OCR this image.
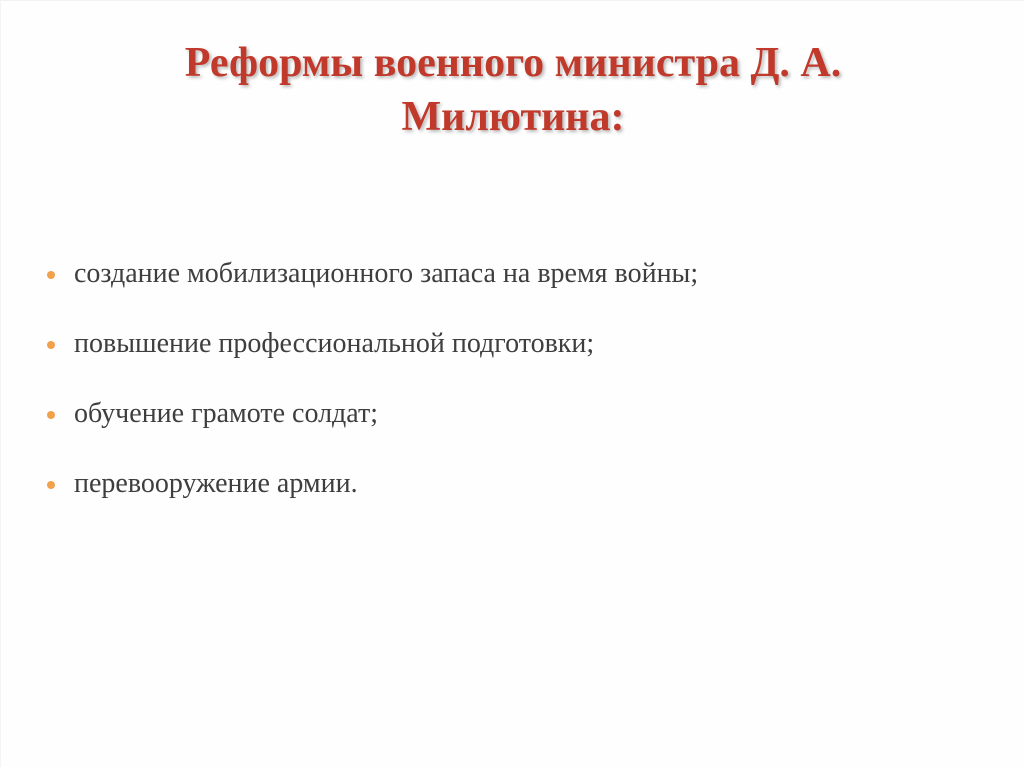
Реформы военного министра Д. А.
Милютина:
создание мобилизационного запаса на время войны;
повышение профессиональной подготовки;
обучение грамоте солдат;
перевооружение армии.
